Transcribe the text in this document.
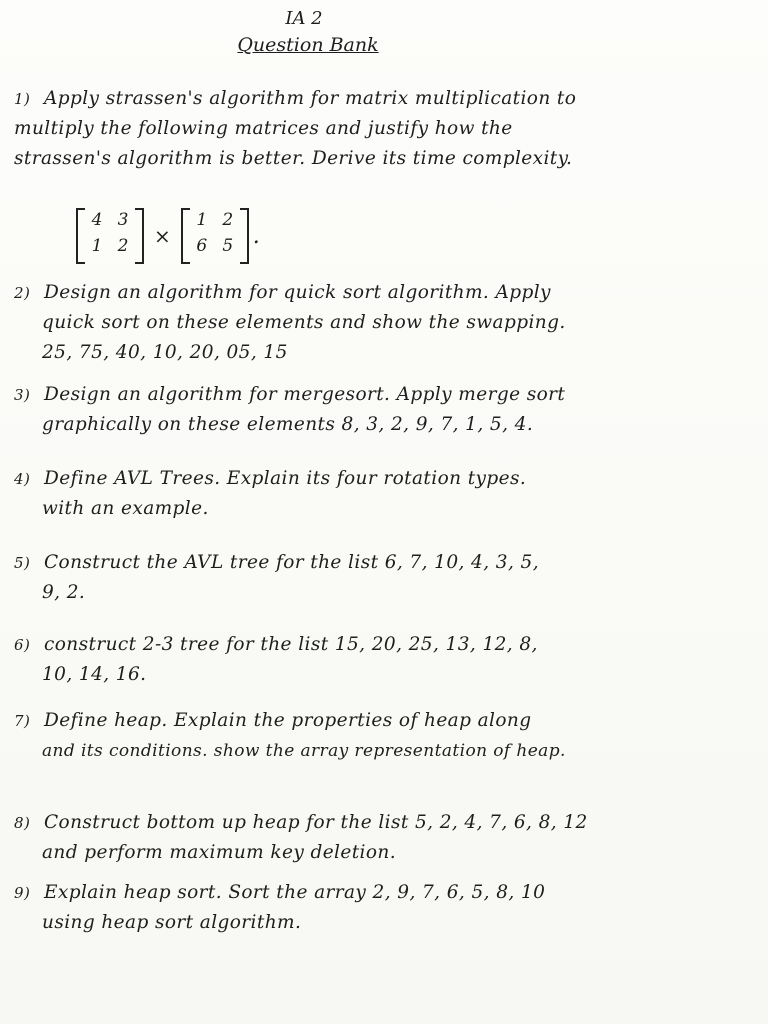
IA 2
Question Bank
1) Apply strassen's algorithm for matrix multiplication to
multiply the following matrices and justify how the
strassen's algorithm is better. Derive its time complexity.
4 3
1 2	×
1 2
6 5 .
2) Design an algorithm for quick sort algorithm. Apply
quick sort on these elements and show the swapping.
25, 75, 40, 10, 20, 05, 15
3) Design an algorithm for mergesort. Apply merge sort
graphically on these elements 8, 3, 2, 9, 7, 1, 5, 4.
4) Define AVL Trees. Explain its four rotation types.
with an example.
5) Construct the AVL tree for the list 6, 7, 10, 4, 3, 5,
9, 2.
6) construct 2-3 tree for the list 15, 20, 25, 13, 12, 8,
10, 14, 16.
7) Define heap. Explain the properties of heap along
and its conditions. show the array representation of heap.
8) Construct bottom up heap for the list 5, 2, 4, 7, 6, 8, 12
and perform maximum key deletion.
9) Explain heap sort. Sort the array 2, 9, 7, 6, 5, 8, 10
using heap sort algorithm.
